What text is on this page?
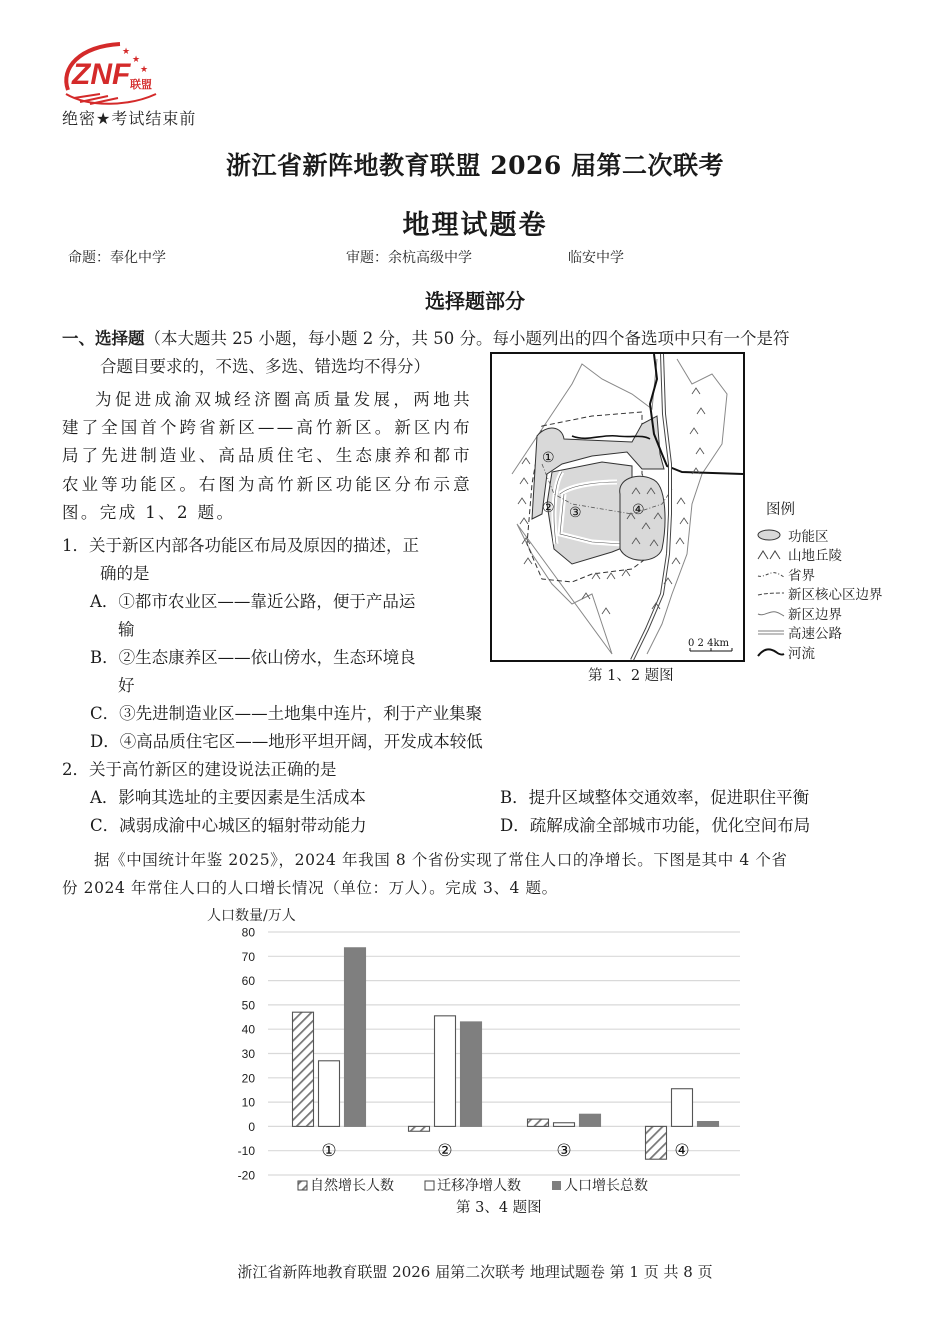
ZNF 联盟
★
★
★
绝密★考试结束前
浙江省新阵地教育联盟 2026 届第二次联考
地理试题卷
命题：奉化中学	审题：余杭高级中学	临安中学
选择题部分
一、选择题（本大题共 25 小题，每小题 2 分，共 50 分。每小题列出的四个备选项中只有一个是符
合题目要求的，不选、多选、错选均不得分）
为促进成渝双城经济圈高质量发展，两地共建了全国首个跨省新区——高竹新区。新区内布局了先进制造业、高品质住宅、生态康养和都市农业等功能区。右图为高竹新区功能区分布示意图。完成 1、2 题。
1．关于新区内部各功能区布局及原因的描述，正
确的是
A．①都市农业区——靠近公路，便于产品运
输
B．②生态康养区——依山傍水，生态环境良
好
C．③先进制造业区——土地集中连片，利于产业集聚
D．④高品质住宅区——地形平坦开阔，开发成本较低
①
② ③	④
0 2 4km
图例
功能区
山地丘陵
省界
新区核心区边界
新区边界
高速公路
河流
第 1、2 题图
2．关于高竹新区的建设说法正确的是
A．影响其选址的主要因素是生活成本	B．提升区域整体交通效率，促进职住平衡
C．减弱成渝中心城区的辐射带动能力	D．疏解成渝全部城市功能，优化空间布局
据《中国统计年鉴 2025》，2024 年我国 8 个省份实现了常住人口的净增长。下图是其中 4 个省
份 2024 年常住人口的人口增长情况（单位：万人）。完成 3、4 题。
人口数量/万人
80
70
60
50
40
30
20
10
0
-10
-20
①	②	③	④
自然增长人数	迁移净增人数	人口增长总数
第 3、4 题图
浙江省新阵地教育联盟 2026 届第二次联考 地理试题卷 第 1 页 共 8 页
